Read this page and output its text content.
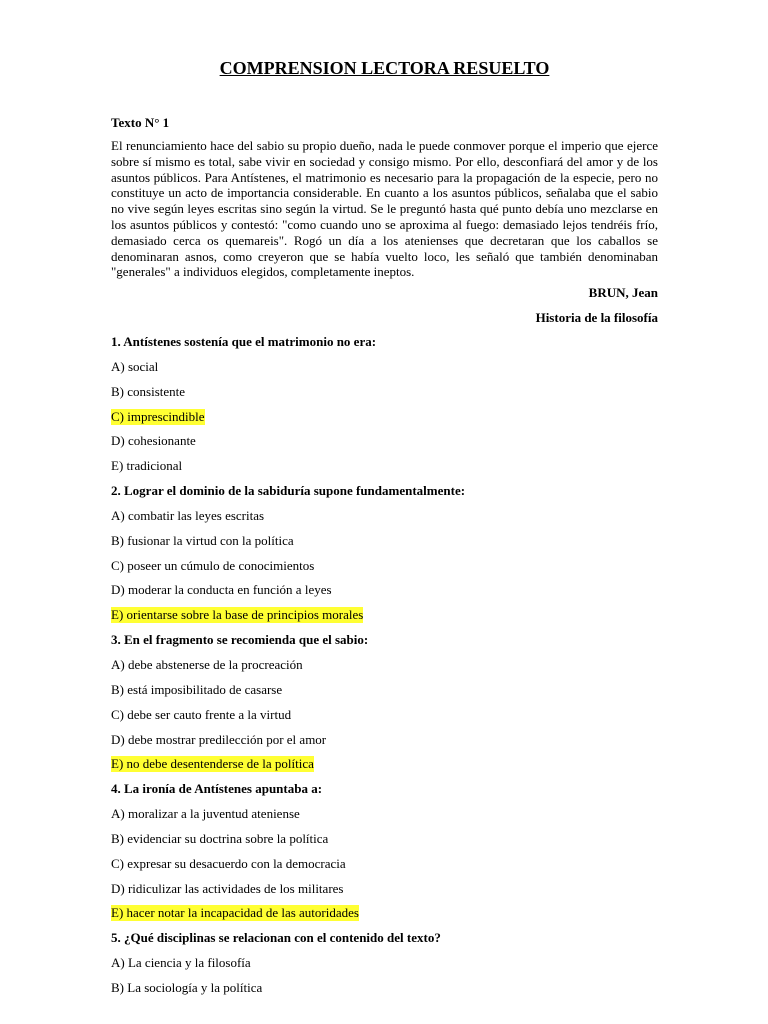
COMPRENSION LECTORA RESUELTO
Texto N° 1

El renunciamiento hace del sabio su propio dueño, nada le puede conmover porque el imperio que ejerce sobre sí mismo es total, sabe vivir en sociedad y consigo mismo. Por ello, desconfiará del amor y de los asuntos públicos. Para Antístenes, el matrimonio es necesario para la propagación de la especie, pero no constituye un acto de importancia considerable. En cuanto a los asuntos públicos, señalaba que el sabio no vive según leyes escritas sino según la virtud. Se le preguntó hasta qué punto debía uno mezclarse en los asuntos públicos y contestó: "como cuando uno se aproxima al fuego: demasiado lejos tendréis frío, demasiado cerca os quemareis". Rogó un día a los atenienses que decretaran que los caballos se denominaran asnos, como creyeron que se había vuelto loco, les señaló que también denominaban "generales" a individuos elegidos, completamente ineptos.

BRUN, Jean
Historia de la filosofía
1. Antístenes sostenía que el matrimonio no era:
A) social
B) consistente
C) imprescindible
D) cohesionante
E) tradicional
2. Lograr el dominio de la sabiduría supone fundamentalmente:
A) combatir las leyes escritas
B) fusionar la virtud con la política
C) poseer un cúmulo de conocimientos
D) moderar la conducta en función a leyes
E) orientarse sobre la base de principios morales
3. En el fragmento se recomienda que el sabio:
A) debe abstenerse de la procreación
B) está imposibilitado de casarse
C) debe ser cauto frente a la virtud
D) debe mostrar predilección por el amor
E) no debe desentenderse de la política
4. La ironía de Antístenes apuntaba a:
A) moralizar a la juventud ateniense
B) evidenciar su doctrina sobre la política
C) expresar su desacuerdo con la democracia
D) ridiculizar las actividades de los militares
E) hacer notar la incapacidad de las autoridades
5. ¿Qué disciplinas se relacionan con el contenido del texto?
A) La ciencia y la filosofía
B) La sociología y la política
